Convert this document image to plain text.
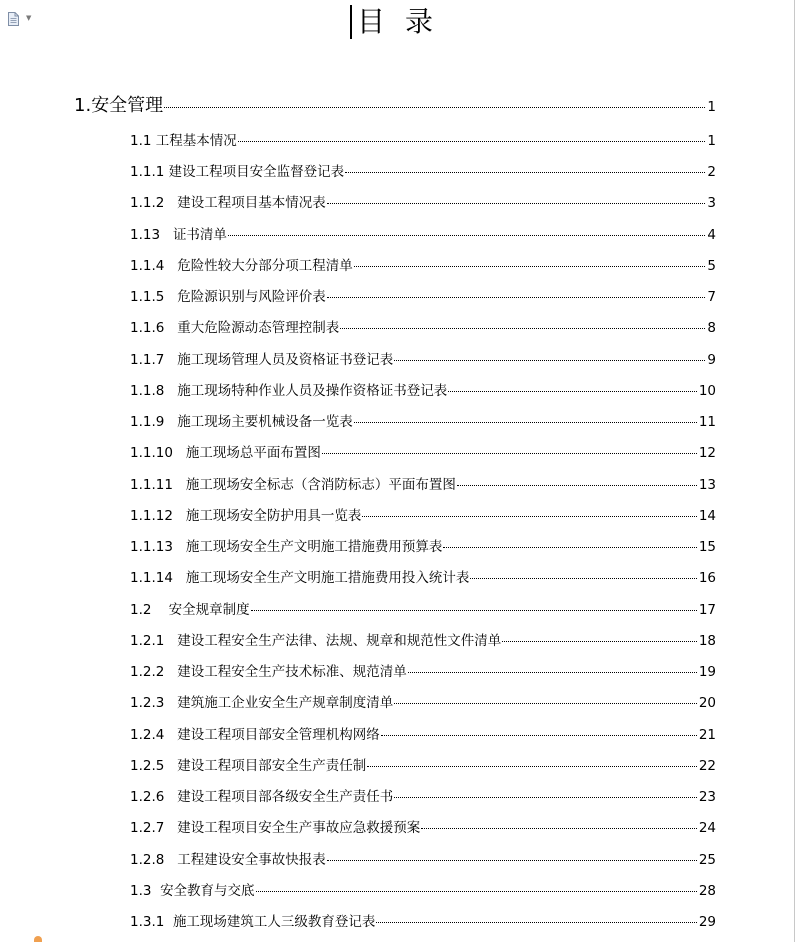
▼	目 录
1. 安全管理	1
1.1 工程基本情况	1
1.1.1 建设工程项目安全监督登记表	2
1.1.2 建设工程项目基本情况表	3
1.13 证书清单	4
1.1.4 危险性较大分部分项工程清单	5
1.1.5 危险源识别与风险评价表	7
1.1.6 重大危险源动态管理控制表	8
1.1.7 施工现场管理人员及资格证书登记表	9
1.1.8 施工现场特种作业人员及操作资格证书登记表	10
1.1.9 施工现场主要机械设备一览表	11
1.1.10 施工现场总平面布置图	12
1.1.11 施工现场安全标志（含消防标志）平面布置图	13
1.1.12 施工现场安全防护用具一览表	14
1.1.13 施工现场安全生产文明施工措施费用预算表	15
1.1.14 施工现场安全生产文明施工措施费用投入统计表	16
1.2 安全规章制度	17
1.2.1 建设工程安全生产法律、法规、规章和规范性文件清单	18
1.2.2 建设工程安全生产技术标准、规范清单	19
1.2.3 建筑施工企业安全生产规章制度清单	20
1.2.4 建设工程项目部安全管理机构网络	21
1.2.5 建设工程项目部安全生产责任制	22
1.2.6 建设工程项目部各级安全生产责任书	23
1.2.7 建设工程项目安全生产事故应急救援预案	24
1.2.8 工程建设安全事故快报表	25
1.3 安全教育与交底	28
1.3.1 施工现场建筑工人三级教育登记表	29
